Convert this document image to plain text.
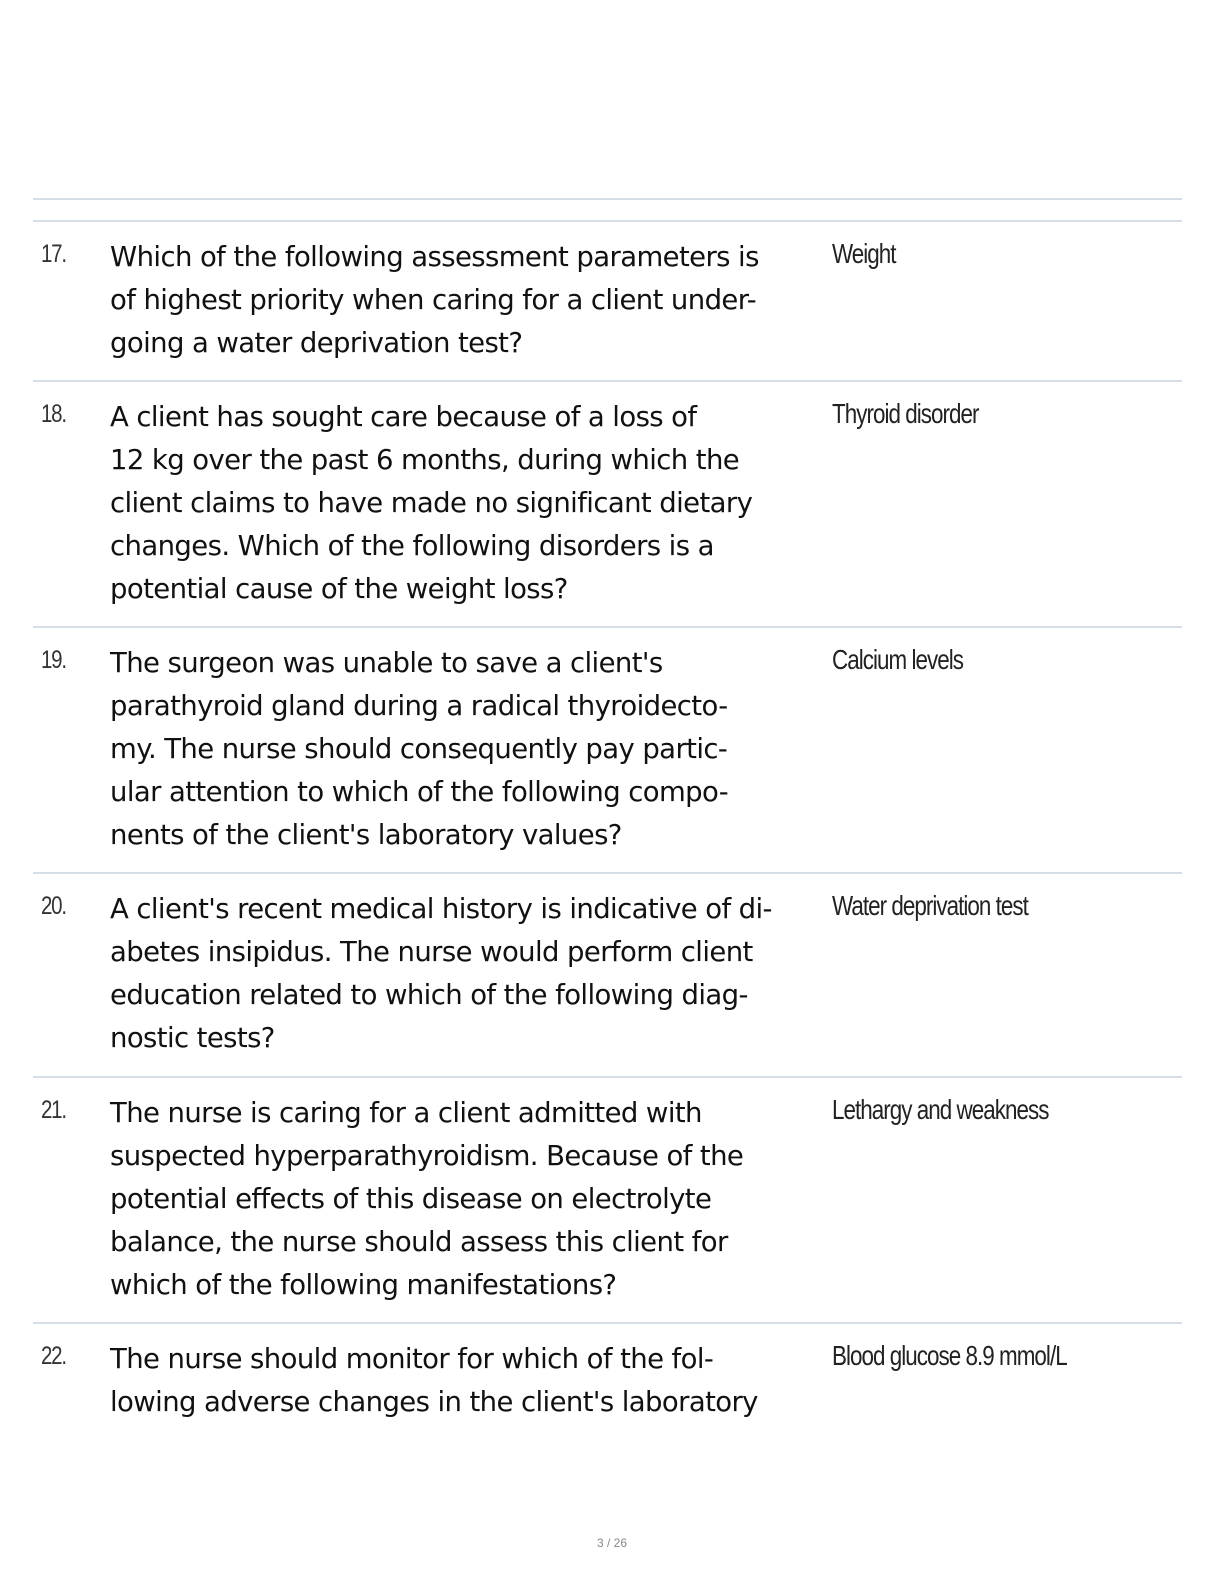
17. Which of the following assessment parameters is
of highest priority when caring for a client under-
going a water deprivation test?
Weight
18. A client has sought care because of a loss of
12 kg over the past 6 months, during which the
client claims to have made no significant dietary
changes. Which of the following disorders is a
potential cause of the weight loss?
Thyroid disorder
19. The surgeon was unable to save a client's
parathyroid gland during a radical thyroidecto-
my. The nurse should consequently pay partic-
ular attention to which of the following compo-
nents of the client's laboratory values?
Calcium levels
20. A client's recent medical history is indicative of di-
abetes insipidus. The nurse would perform client
education related to which of the following diag-
nostic tests?
Water deprivation test
21. The nurse is caring for a client admitted with
suspected hyperparathyroidism. Because of the
potential effects of this disease on electrolyte
balance, the nurse should assess this client for
which of the following manifestations?
Lethargy and weakness
22. The nurse should monitor for which of the fol-
lowing adverse changes in the client's laboratory
Blood glucose 8.9 mmol/L
3 / 26
